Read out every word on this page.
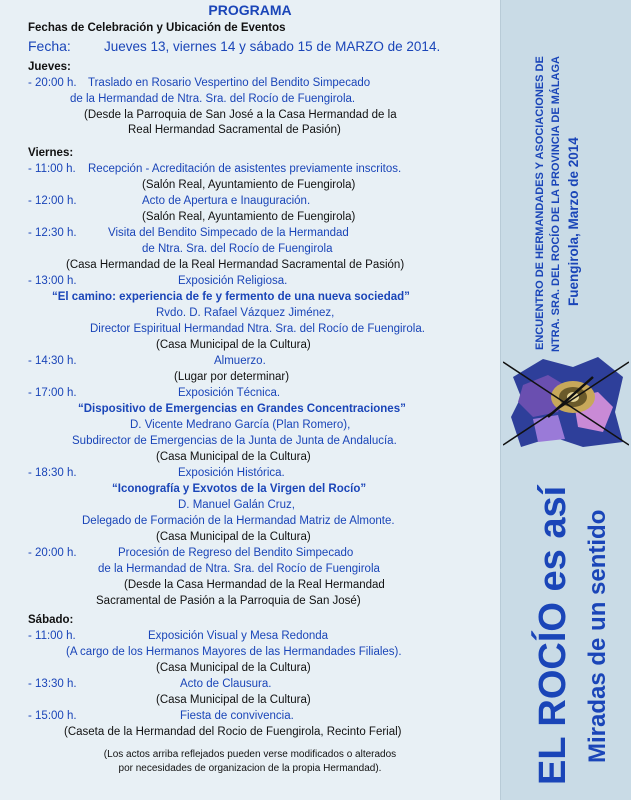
PROGRAMA
Fechas de Celebración y Ubicación de Eventos
Fecha: Jueves 13, viernes 14 y sábado 15 de MARZO de 2014.
Jueves:
- 20:00 h. Traslado en Rosario Vespertino del Bendito Simpecado
de la Hermandad de Ntra. Sra. del Rocío de Fuengirola.
(Desde la Parroquia de San José a la Casa Hermandad de la
Real Hermandad Sacramental de Pasión)
Viernes:
- 11:00 h. Recepción - Acreditación de asistentes previamente inscritos.
(Salón Real, Ayuntamiento de Fuengirola)
- 12:00 h.	Acto de Apertura e Inauguración.
(Salón Real, Ayuntamiento de Fuengirola)
- 12:30 h.	Visita del Bendito Simpecado de la Hermandad
de Ntra. Sra. del Rocío de Fuengirola
(Casa Hermandad de la Real Hermandad Sacramental de Pasión)
- 13:00 h.	Exposición Religiosa.
“El camino: experiencia de fe y fermento de una nueva sociedad”
Rvdo. D. Rafael Vázquez Jiménez,
Director Espiritual Hermandad Ntra. Sra. del Rocío de Fuengirola.
(Casa Municipal de la Cultura)
- 14:30 h.	Almuerzo.
(Lugar por determinar)
- 17:00 h.	Exposición Técnica.
“Dispositivo de Emergencias en Grandes Concentraciones”
D. Vicente Medrano García (Plan Romero),
Subdirector de Emergencias de la Junta de Junta de Andalucía.
(Casa Municipal de la Cultura)
- 18:30 h.	Exposición Histórica.
“Iconografía y Exvotos de la Virgen del Rocío”
D. Manuel Galán Cruz,
Delegado de Formación de la Hermandad Matriz de Almonte.
(Casa Municipal de la Cultura)
- 20:00 h.	Procesión de Regreso del Bendito Simpecado
de la Hermandad de Ntra. Sra. del Rocío de Fuengirola
(Desde la Casa Hermandad de la Real Hermandad
Sacramental de Pasión a la Parroquia de San José)
Sábado:
- 11:00 h.	Exposición Visual y Mesa Redonda
(A cargo de los Hermanos Mayores de las Hermandades Filiales).
(Casa Municipal de la Cultura)
- 13:30 h.	Acto de Clausura.
(Casa Municipal de la Cultura)
- 15:00 h.	Fiesta de convivencia.
(Caseta de la Hermandad del Rocio de Fuengirola, Recinto Ferial)
(Los actos arriba reflejados pueden verse modificados o alterados
por necesidades de organizacion de la propia Hermandad).
ENCUENTRO DE HERMANDADES Y ASOCIACIONES DE NTRA. SRA. DEL ROCÍO DE LA PROVINCIA DE MÁLAGA Fuengirola, Marzo de 2014
EL ROCÍO es así Miradas de un sentido
